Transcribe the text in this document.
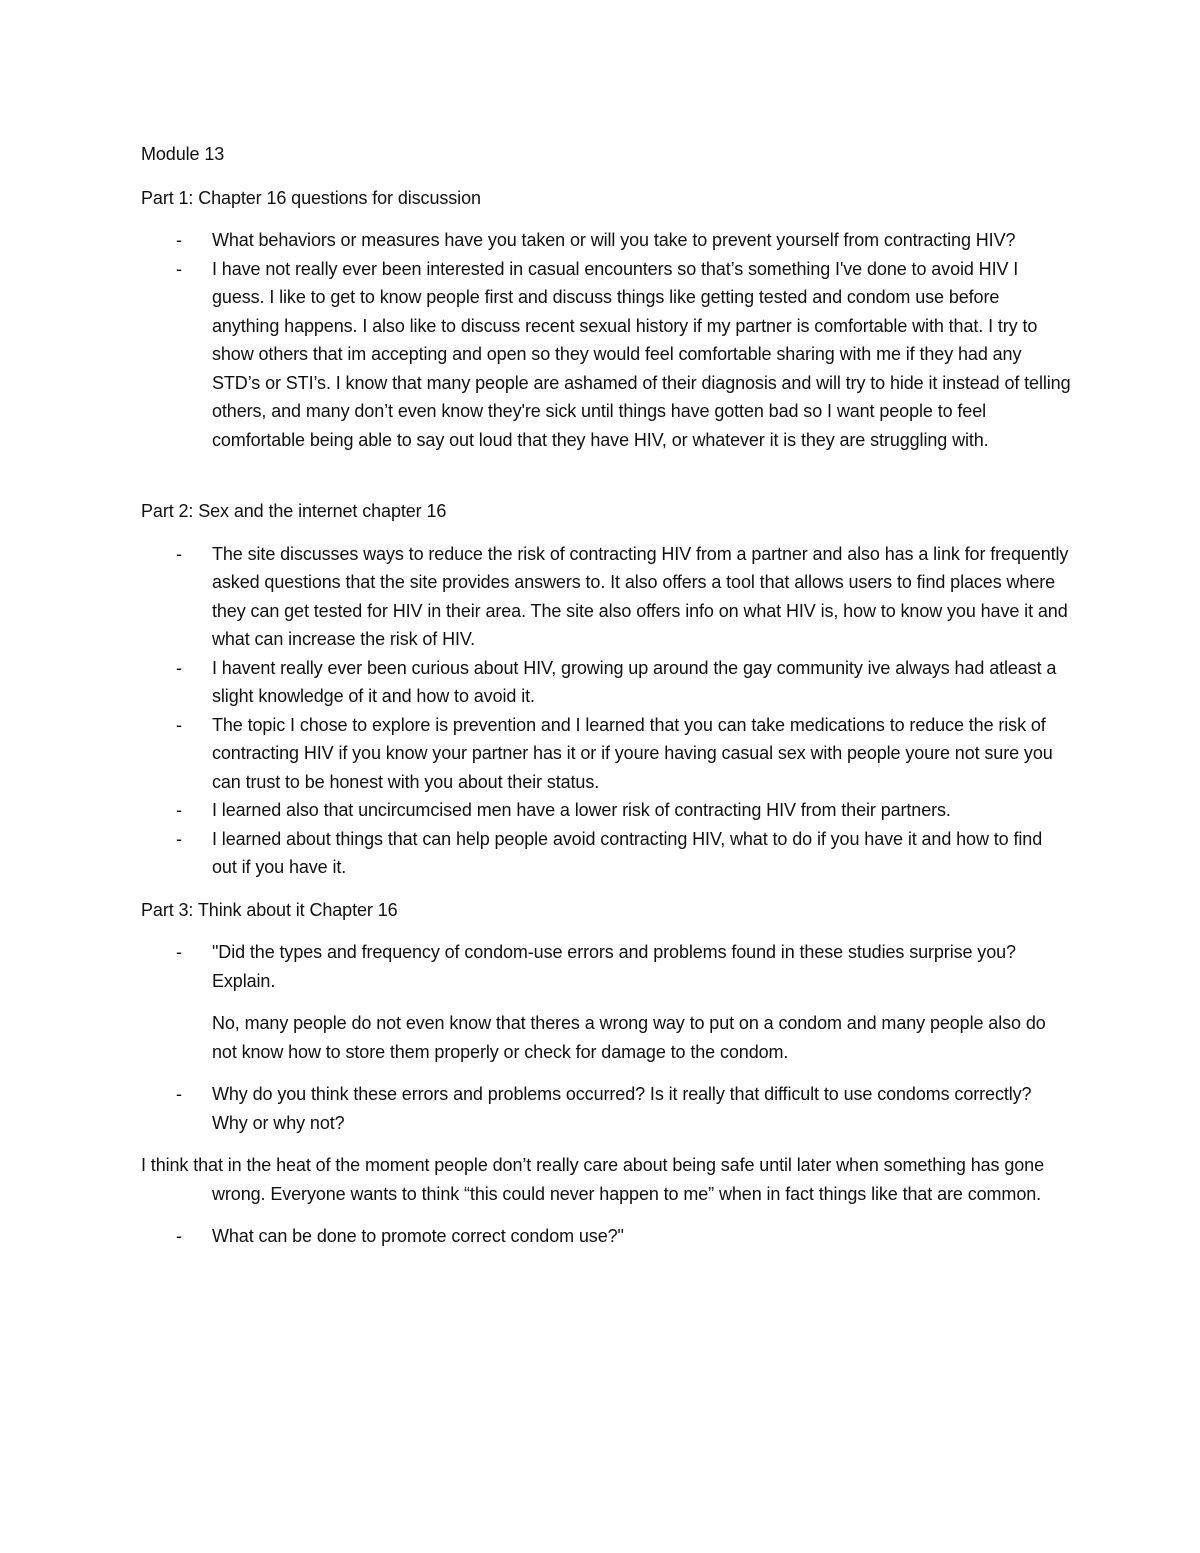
Module 13

Part 1: Chapter 16 questions for discussion

- What behaviors or measures have you taken or will you take to prevent yourself from contracting HIV?
- I have not really ever been interested in casual encounters so that’s something I've done to avoid HIV I guess. I like to get to know people first and discuss things like getting tested and condom use before anything happens. I also like to discuss recent sexual history if my partner is comfortable with that. I try to show others that im accepting and open so they would feel comfortable sharing with me if they had any STD’s or STI’s. I know that many people are ashamed of their diagnosis and will try to hide it instead of telling others, and many don’t even know they're sick until things have gotten bad so I want people to feel comfortable being able to say out loud that they have HIV, or whatever it is they are struggling with.

Part 2: Sex and the internet chapter 16

- The site discusses ways to reduce the risk of contracting HIV from a partner and also has a link for frequently asked questions that the site provides answers to. It also offers a tool that allows users to find places where they can get tested for HIV in their area. The site also offers info on what HIV is, how to know you have it and what can increase the risk of HIV.
- I havent really ever been curious about HIV, growing up around the gay community ive always had atleast a slight knowledge of it and how to avoid it.
- The topic I chose to explore is prevention and I learned that you can take medications to reduce the risk of contracting HIV if you know your partner has it or if youre having casual sex with people youre not sure you can trust to be honest with you about their status.
- I learned also that uncircumcised men have a lower risk of contracting HIV from their partners.
- I learned about things that can help people avoid contracting HIV, what to do if you have it and how to find out if you have it.

Part 3: Think about it Chapter 16

- "Did the types and frequency of condom-use errors and problems found in these studies surprise you? Explain.

No, many people do not even know that theres a wrong way to put on a condom and many people also do not know how to store them properly or check for damage to the condom.

- Why do you think these errors and problems occurred? Is it really that difficult to use condoms correctly? Why or why not?

I think that in the heat of the moment people don’t really care about being safe until later when something has gone wrong. Everyone wants to think “this could never happen to me” when in fact things like that are common.

- What can be done to promote correct condom use?"
